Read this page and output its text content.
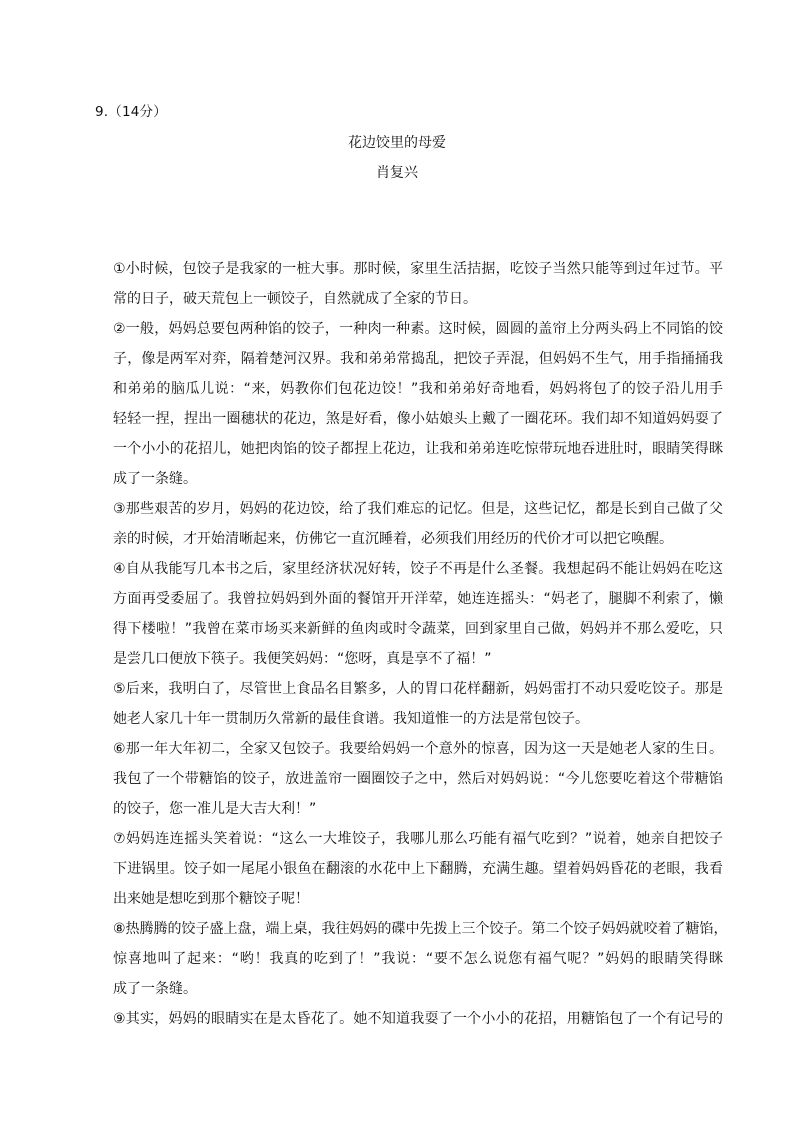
9.（14分）
花边饺里的母爱
肖复兴
①小时候，包饺子是我家的一桩大事。那时候，家里生活拮据，吃饺子当然只能等到过年过节。平
常的日子，破天荒包上一顿饺子，自然就成了全家的节日。
②一般，妈妈总要包两种馅的饺子，一种肉一种素。这时候，圆圆的盖帘上分两头码上不同馅的饺
子，像是两军对弈，隔着楚河汉界。我和弟弟常捣乱，把饺子弄混，但妈妈不生气，用手指捅捅我
和弟弟的脑瓜儿说：“来，妈教你们包花边饺！”我和弟弟好奇地看，妈妈将包了的饺子沿儿用手
轻轻一捏，捏出一圈穗状的花边，煞是好看，像小姑娘头上戴了一圈花环。我们却不知道妈妈耍了
一个小小的花招儿，她把肉馅的饺子都捏上花边，让我和弟弟连吃惊带玩地吞进肚时，眼睛笑得眯
成了一条缝。
③那些艰苦的岁月，妈妈的花边饺，给了我们难忘的记忆。但是，这些记忆，都是长到自己做了父
亲的时候，才开始清晰起来，仿佛它一直沉睡着，必须我们用经历的代价才可以把它唤醒。
④自从我能写几本书之后，家里经济状况好转，饺子不再是什么圣餐。我想起码不能让妈妈在吃这
方面再受委屈了。我曾拉妈妈到外面的餐馆开开洋荤，她连连摇头：“妈老了，腿脚不利索了，懒
得下楼啦！”我曾在菜市场买来新鲜的鱼肉或时令蔬菜，回到家里自己做，妈妈并不那么爱吃，只
是尝几口便放下筷子。我便笑妈妈：“您呀，真是享不了福！”
⑤后来，我明白了，尽管世上食品名目繁多，人的胃口花样翻新，妈妈雷打不动只爱吃饺子。那是
她老人家几十年一贯制历久常新的最佳食谱。我知道惟一的方法是常包饺子。
⑥那一年大年初二，全家又包饺子。我要给妈妈一个意外的惊喜，因为这一天是她老人家的生日。
我包了一个带糖馅的饺子，放进盖帘一圈圈饺子之中，然后对妈妈说：“今儿您要吃着这个带糖馅
的饺子，您一准儿是大吉大利！”
⑦妈妈连连摇头笑着说：“这么一大堆饺子，我哪儿那么巧能有福气吃到？”说着，她亲自把饺子
下进锅里。饺子如一尾尾小银鱼在翻滚的水花中上下翻腾，充满生趣。望着妈妈昏花的老眼，我看
出来她是想吃到那个糖饺子呢！
⑧热腾腾的饺子盛上盘，端上桌，我往妈妈的碟中先拨上三个饺子。第二个饺子妈妈就咬着了糖馅，
惊喜地叫了起来：“哟！我真的吃到了！”我说：“要不怎么说您有福气呢？”妈妈的眼睛笑得眯
成了一条缝。
⑨其实，妈妈的眼睛实在是太昏花了。她不知道我耍了一个小小的花招，用糖馅包了一个有记号的
